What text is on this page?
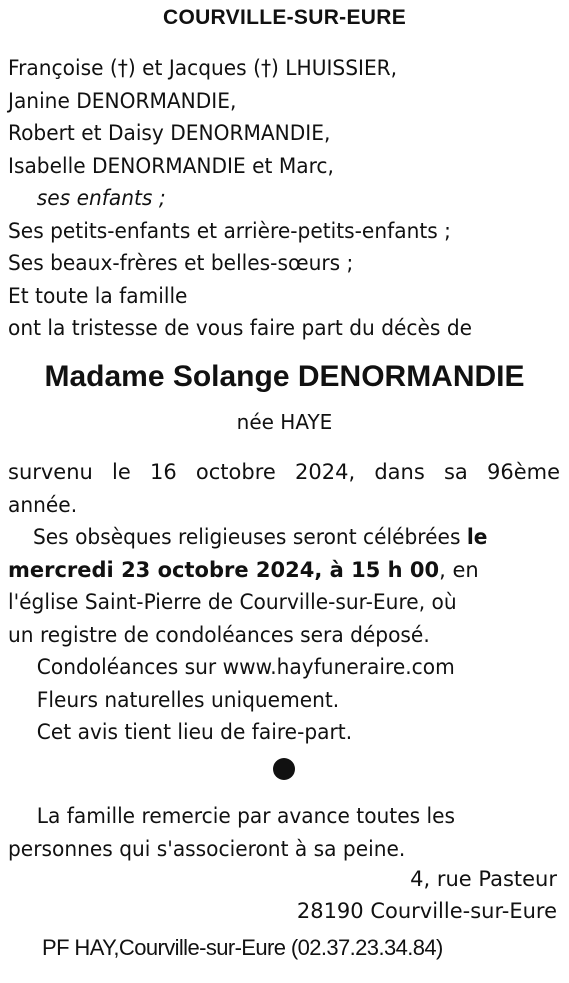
COURVILLE-SUR-EURE
Françoise (†) et Jacques (†) LHUISSIER,
Janine DENORMANDIE,
Robert et Daisy DENORMANDIE,
Isabelle DENORMANDIE et Marc,
ses enfants ;
Ses petits-enfants et arrière-petits-enfants ;
Ses beaux-frères et belles-sœurs ;
Et toute la famille
ont la tristesse de vous faire part du décès de
Madame Solange DENORMANDIE
née HAYE
survenu le 16 octobre 2024, dans sa 96ème
année.
Ses obsèques religieuses seront célébrées le
mercredi 23 octobre 2024, à 15 h 00, en
l'église Saint-Pierre de Courville-sur-Eure, où
un registre de condoléances sera déposé.
Condoléances sur www.hayfuneraire.com
Fleurs naturelles uniquement.
Cet avis tient lieu de faire-part.
La famille remercie par avance toutes les
personnes qui s'associeront à sa peine.
4, rue Pasteur
28190 Courville-sur-Eure
PF HAY,Courville-sur-Eure (02.37.23.34.84)
